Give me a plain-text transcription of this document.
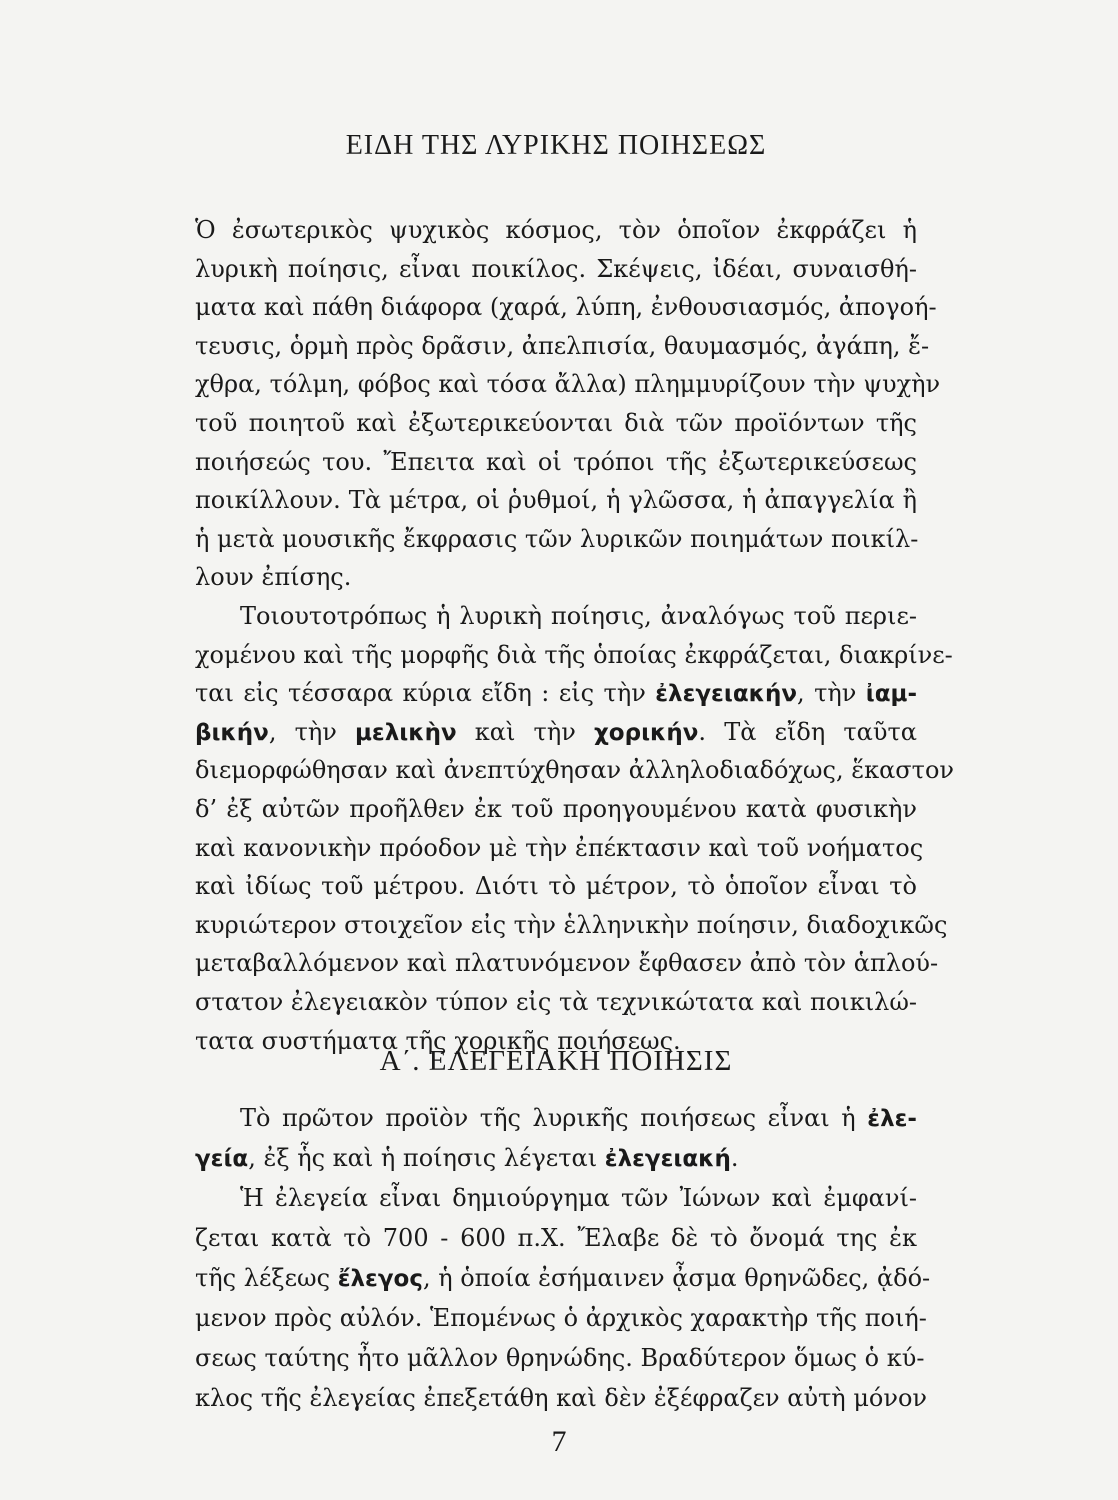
ΕΙΔΗ ΤΗΣ ΛΥΡΙΚΗΣ ΠΟΙΗΣΕΩΣ
Ὁ ἐσωτερικὸς ψυχικὸς κόσμος, τὸν ὁποῖον ἐκφράζει ἡ
λυρικὴ ποίησις, εἶναι ποικίλος. Σκέψεις, ἰδέαι, συναισθή-
ματα καὶ πάθη διάφορα (χαρά, λύπη, ἐνθουσιασμός, ἀπογοή-
τευσις, ὁρμὴ πρὸς δρᾶσιν, ἀπελπισία, θαυμασμός, ἀγάπη, ἔ-
χθρα, τόλμη, φόβος καὶ τόσα ἄλλα) πλημμυρίζουν τὴν ψυχὴν
τοῦ ποιητοῦ καὶ ἐξωτερικεύονται διὰ τῶν προϊόντων τῆς
ποιήσεώς του. Ἔπειτα καὶ οἱ τρόποι τῆς ἐξωτερικεύσεως
ποικίλλουν. Τὰ μέτρα, οἱ ῥυθμοί, ἡ γλῶσσα, ἡ ἀπαγγελία ἢ
ἡ μετὰ μουσικῆς ἔκφρασις τῶν λυρικῶν ποιημάτων ποικίλ-
λουν ἐπίσης.
Τοιουτοτρόπως ἡ λυρικὴ ποίησις, ἀναλόγως τοῦ περιε-
χομένου καὶ τῆς μορφῆς διὰ τῆς ὁποίας ἐκφράζεται, διακρίνε-
ται εἰς τέσσαρα κύρια εἴδη : εἰς τὴν ἐλεγειακήν, τὴν ἰαμ-
βικήν, τὴν μελικὴν καὶ τὴν χορικήν. Τὰ εἴδη ταῦτα
διεμορφώθησαν καὶ ἀνεπτύχθησαν ἀλληλοδιαδόχως, ἕκαστον
δ’ ἐξ αὐτῶν προῆλθεν ἐκ τοῦ προηγουμένου κατὰ φυσικὴν
καὶ κανονικὴν πρόοδον μὲ τὴν ἐπέκτασιν καὶ τοῦ νοήματος
καὶ ἰδίως τοῦ μέτρου. Διότι τὸ μέτρον, τὸ ὁποῖον εἶναι τὸ
κυριώτερον στοιχεῖον εἰς τὴν ἑλληνικὴν ποίησιν, διαδοχικῶς
μεταβαλλόμενον καὶ πλατυνόμενον ἔφθασεν ἀπὸ τὸν ἁπλού-
στατον ἐλεγειακὸν τύπον εἰς τὰ τεχνικώτατα καὶ ποικιλώ-
τατα συστήματα τῆς χορικῆς ποιήσεως.
Α΄. ΕΛΕΓΕΙΑΚΗ ΠΟΙΗΣΙΣ
Τὸ πρῶτον προϊὸν τῆς λυρικῆς ποιήσεως εἶναι ἡ ἐλε-
γεία, ἐξ ἧς καὶ ἡ ποίησις λέγεται ἐλεγειακή.
Ἡ ἐλεγεία εἶναι δημιούργημα τῶν Ἰώνων καὶ ἐμφανί-
ζεται κατὰ τὸ 700 - 600 π.Χ. Ἔλαβε δὲ τὸ ὄνομά της ἐκ
τῆς λέξεως ἔλεγος, ἡ ὁποία ἐσήμαινεν ᾆσμα θρηνῶδες, ᾀδό-
μενον πρὸς αὐλόν. Ἑπομένως ὁ ἀρχικὸς χαρακτὴρ τῆς ποιή-
7
σεως ταύτης ἦτο μᾶλλον θρηνώδης. Βραδύτερον ὅμως ὁ κύ-
κλος τῆς ἐλεγείας ἐπεξετάθη καὶ δὲν ἐξέφραζεν αὐτὴ μόνον
